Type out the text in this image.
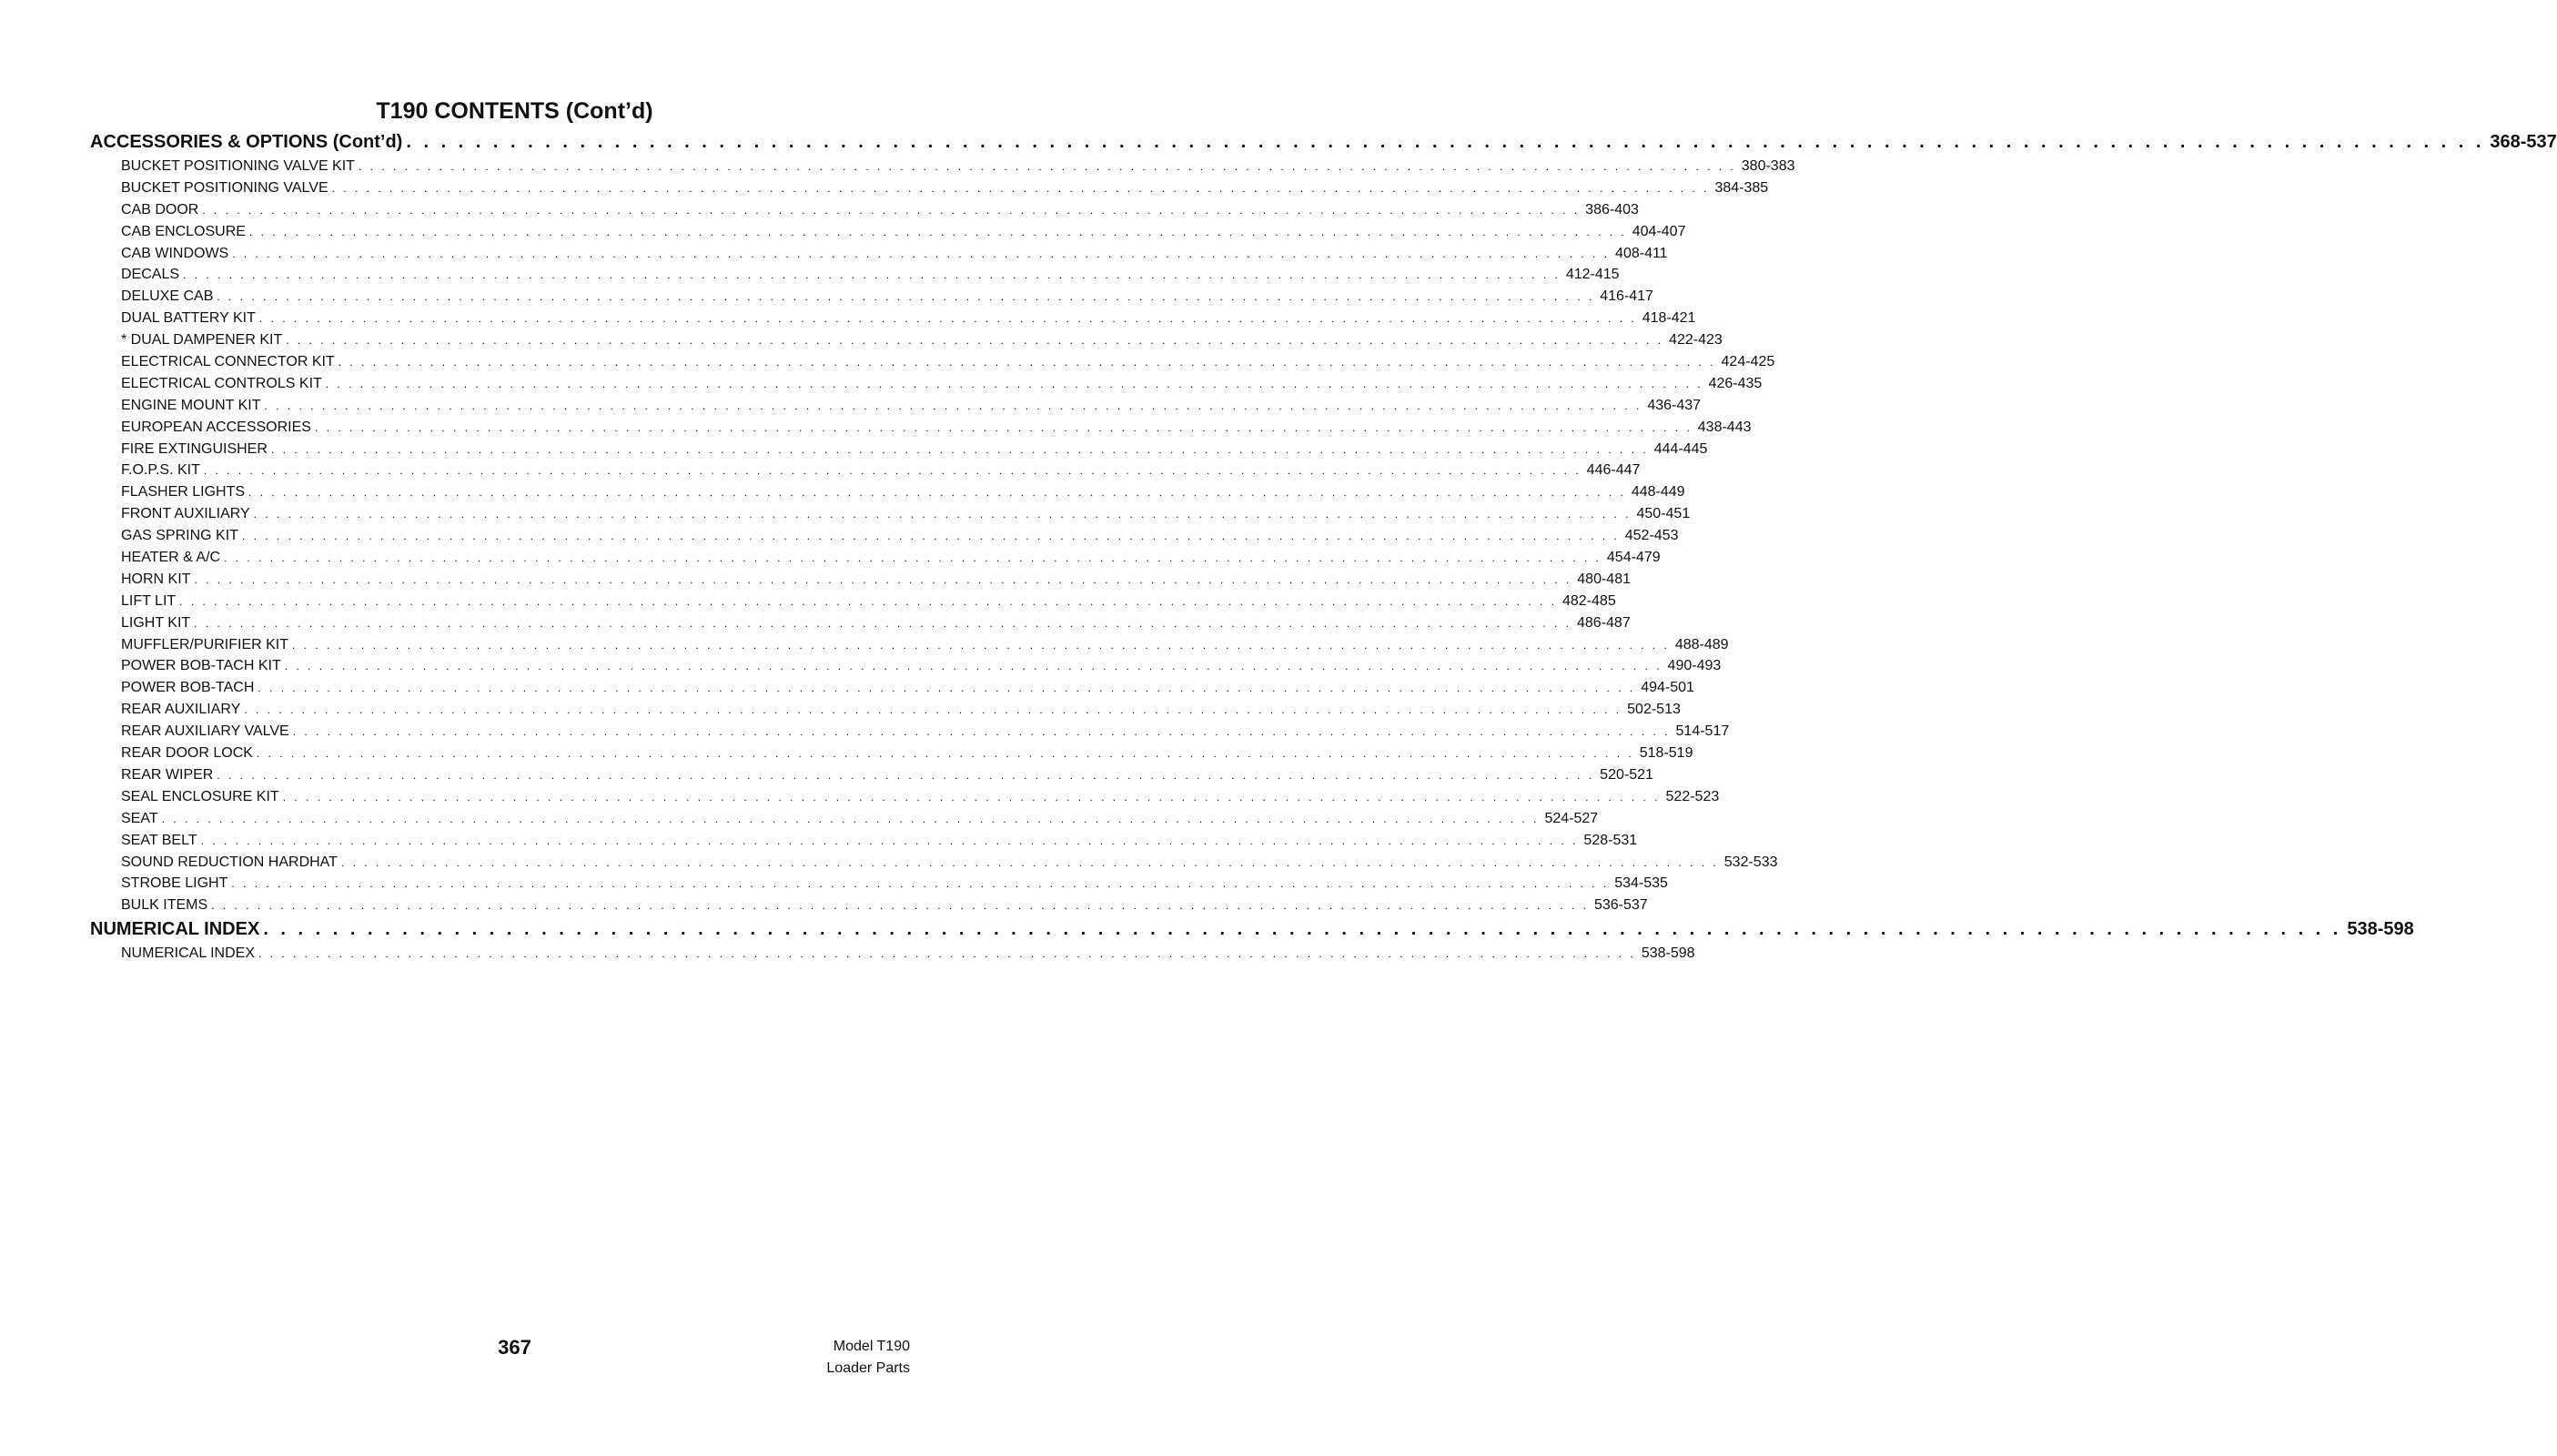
T190 CONTENTS (Cont’d)
ACCESSORIES & OPTIONS (Cont’d) . . . . . . . . . . . . . . . . . . . . . . . . . . . . . . . . . . . . . . . . . . . . . . . . . . . . . . . . . . . . . . . . . . . . . . . . . . . . . . . . . . . . . . . . . . . . . . . . . . . . . . . . . . . . . . . . . . . . . . . . 368-537
BUCKET POSITIONING VALVE KIT . . . . . . . . . . . . . . . . . . . . . . . . . . . . . . . . . . . . . . . . . . . . . . . . . . . . . . . . . . . . . . . . . . . . . . . . . . . . . . . . . . . . . . . . . . . . . . . . . . . . . . . . . . . . . . . . . . . . . . . . 380-383
BUCKET POSITIONING VALVE . . . . . . . . . . . . . . . . . . . . . . . . . . . . . . . . . . . . . . . . . . . . . . . . . . . . . . . . . . . . . . . . . . . . . . . . . . . . . . . . . . . . . . . . . . . . . . . . . . . . . . . . . . . . . . . . . . . . . . . . 384-385
CAB DOOR . . . . . . . . . . . . . . . . . . . . . . . . . . . . . . . . . . . . . . . . . . . . . . . . . . . . . . . . . . . . . . . . . . . . . . . . . . . . . . . . . . . . . . . . . . . . . . . . . . . . . . . . . . . . . . . . . . . . . . . . 386-403
CAB ENCLOSURE . . . . . . . . . . . . . . . . . . . . . . . . . . . . . . . . . . . . . . . . . . . . . . . . . . . . . . . . . . . . . . . . . . . . . . . . . . . . . . . . . . . . . . . . . . . . . . . . . . . . . . . . . . . . . . . . . . . . . . . . 404-407
CAB WINDOWS . . . . . . . . . . . . . . . . . . . . . . . . . . . . . . . . . . . . . . . . . . . . . . . . . . . . . . . . . . . . . . . . . . . . . . . . . . . . . . . . . . . . . . . . . . . . . . . . . . . . . . . . . . . . . . . . . . . . . . . . 408-411
DECALS . . . . . . . . . . . . . . . . . . . . . . . . . . . . . . . . . . . . . . . . . . . . . . . . . . . . . . . . . . . . . . . . . . . . . . . . . . . . . . . . . . . . . . . . . . . . . . . . . . . . . . . . . . . . . . . . . . . . . . . . 412-415
DELUXE CAB . . . . . . . . . . . . . . . . . . . . . . . . . . . . . . . . . . . . . . . . . . . . . . . . . . . . . . . . . . . . . . . . . . . . . . . . . . . . . . . . . . . . . . . . . . . . . . . . . . . . . . . . . . . . . . . . . . . . . . . . 416-417
DUAL BATTERY KIT . . . . . . . . . . . . . . . . . . . . . . . . . . . . . . . . . . . . . . . . . . . . . . . . . . . . . . . . . . . . . . . . . . . . . . . . . . . . . . . . . . . . . . . . . . . . . . . . . . . . . . . . . . . . . . . . . . . . . . . . 418-421
* DUAL DAMPENER KIT . . . . . . . . . . . . . . . . . . . . . . . . . . . . . . . . . . . . . . . . . . . . . . . . . . . . . . . . . . . . . . . . . . . . . . . . . . . . . . . . . . . . . . . . . . . . . . . . . . . . . . . . . . . . . . . . . . . . . . . . 422-423
ELECTRICAL CONNECTOR KIT . . . . . . . . . . . . . . . . . . . . . . . . . . . . . . . . . . . . . . . . . . . . . . . . . . . . . . . . . . . . . . . . . . . . . . . . . . . . . . . . . . . . . . . . . . . . . . . . . . . . . . . . . . . . . . . . . . . . . . . . 424-425
ELECTRICAL CONTROLS KIT . . . . . . . . . . . . . . . . . . . . . . . . . . . . . . . . . . . . . . . . . . . . . . . . . . . . . . . . . . . . . . . . . . . . . . . . . . . . . . . . . . . . . . . . . . . . . . . . . . . . . . . . . . . . . . . . . . . . . . . . 426-435
ENGINE MOUNT KIT . . . . . . . . . . . . . . . . . . . . . . . . . . . . . . . . . . . . . . . . . . . . . . . . . . . . . . . . . . . . . . . . . . . . . . . . . . . . . . . . . . . . . . . . . . . . . . . . . . . . . . . . . . . . . . . . . . . . . . . . 436-437
EUROPEAN ACCESSORIES . . . . . . . . . . . . . . . . . . . . . . . . . . . . . . . . . . . . . . . . . . . . . . . . . . . . . . . . . . . . . . . . . . . . . . . . . . . . . . . . . . . . . . . . . . . . . . . . . . . . . . . . . . . . . . . . . . . . . . . . 438-443
FIRE EXTINGUISHER . . . . . . . . . . . . . . . . . . . . . . . . . . . . . . . . . . . . . . . . . . . . . . . . . . . . . . . . . . . . . . . . . . . . . . . . . . . . . . . . . . . . . . . . . . . . . . . . . . . . . . . . . . . . . . . . . . . . . . . . 444-445
F.O.P.S. KIT . . . . . . . . . . . . . . . . . . . . . . . . . . . . . . . . . . . . . . . . . . . . . . . . . . . . . . . . . . . . . . . . . . . . . . . . . . . . . . . . . . . . . . . . . . . . . . . . . . . . . . . . . . . . . . . . . . . . . . . . 446-447
FLASHER LIGHTS . . . . . . . . . . . . . . . . . . . . . . . . . . . . . . . . . . . . . . . . . . . . . . . . . . . . . . . . . . . . . . . . . . . . . . . . . . . . . . . . . . . . . . . . . . . . . . . . . . . . . . . . . . . . . . . . . . . . . . . . 448-449
FRONT AUXILIARY . . . . . . . . . . . . . . . . . . . . . . . . . . . . . . . . . . . . . . . . . . . . . . . . . . . . . . . . . . . . . . . . . . . . . . . . . . . . . . . . . . . . . . . . . . . . . . . . . . . . . . . . . . . . . . . . . . . . . . . . 450-451
GAS SPRING KIT . . . . . . . . . . . . . . . . . . . . . . . . . . . . . . . . . . . . . . . . . . . . . . . . . . . . . . . . . . . . . . . . . . . . . . . . . . . . . . . . . . . . . . . . . . . . . . . . . . . . . . . . . . . . . . . . . . . . . . . . 452-453
HEATER & A/C . . . . . . . . . . . . . . . . . . . . . . . . . . . . . . . . . . . . . . . . . . . . . . . . . . . . . . . . . . . . . . . . . . . . . . . . . . . . . . . . . . . . . . . . . . . . . . . . . . . . . . . . . . . . . . . . . . . . . . . . 454-479
HORN KIT . . . . . . . . . . . . . . . . . . . . . . . . . . . . . . . . . . . . . . . . . . . . . . . . . . . . . . . . . . . . . . . . . . . . . . . . . . . . . . . . . . . . . . . . . . . . . . . . . . . . . . . . . . . . . . . . . . . . . . . . 480-481
LIFT LIT . . . . . . . . . . . . . . . . . . . . . . . . . . . . . . . . . . . . . . . . . . . . . . . . . . . . . . . . . . . . . . . . . . . . . . . . . . . . . . . . . . . . . . . . . . . . . . . . . . . . . . . . . . . . . . . . . . . . . . . . 482-485
LIGHT KIT . . . . . . . . . . . . . . . . . . . . . . . . . . . . . . . . . . . . . . . . . . . . . . . . . . . . . . . . . . . . . . . . . . . . . . . . . . . . . . . . . . . . . . . . . . . . . . . . . . . . . . . . . . . . . . . . . . . . . . . . 486-487
MUFFLER/PURIFIER KIT . . . . . . . . . . . . . . . . . . . . . . . . . . . . . . . . . . . . . . . . . . . . . . . . . . . . . . . . . . . . . . . . . . . . . . . . . . . . . . . . . . . . . . . . . . . . . . . . . . . . . . . . . . . . . . . . . . . . . . . . 488-489
POWER BOB-TACH KIT . . . . . . . . . . . . . . . . . . . . . . . . . . . . . . . . . . . . . . . . . . . . . . . . . . . . . . . . . . . . . . . . . . . . . . . . . . . . . . . . . . . . . . . . . . . . . . . . . . . . . . . . . . . . . . . . . . . . . . . . 490-493
POWER BOB-TACH . . . . . . . . . . . . . . . . . . . . . . . . . . . . . . . . . . . . . . . . . . . . . . . . . . . . . . . . . . . . . . . . . . . . . . . . . . . . . . . . . . . . . . . . . . . . . . . . . . . . . . . . . . . . . . . . . . . . . . . . 494-501
REAR AUXILIARY . . . . . . . . . . . . . . . . . . . . . . . . . . . . . . . . . . . . . . . . . . . . . . . . . . . . . . . . . . . . . . . . . . . . . . . . . . . . . . . . . . . . . . . . . . . . . . . . . . . . . . . . . . . . . . . . . . . . . . . . 502-513
REAR AUXILIARY VALVE . . . . . . . . . . . . . . . . . . . . . . . . . . . . . . . . . . . . . . . . . . . . . . . . . . . . . . . . . . . . . . . . . . . . . . . . . . . . . . . . . . . . . . . . . . . . . . . . . . . . . . . . . . . . . . . . . . . . . . . . 514-517
REAR DOOR LOCK . . . . . . . . . . . . . . . . . . . . . . . . . . . . . . . . . . . . . . . . . . . . . . . . . . . . . . . . . . . . . . . . . . . . . . . . . . . . . . . . . . . . . . . . . . . . . . . . . . . . . . . . . . . . . . . . . . . . . . . . 518-519
REAR WIPER . . . . . . . . . . . . . . . . . . . . . . . . . . . . . . . . . . . . . . . . . . . . . . . . . . . . . . . . . . . . . . . . . . . . . . . . . . . . . . . . . . . . . . . . . . . . . . . . . . . . . . . . . . . . . . . . . . . . . . . . 520-521
SEAL ENCLOSURE KIT . . . . . . . . . . . . . . . . . . . . . . . . . . . . . . . . . . . . . . . . . . . . . . . . . . . . . . . . . . . . . . . . . . . . . . . . . . . . . . . . . . . . . . . . . . . . . . . . . . . . . . . . . . . . . . . . . . . . . . . . 522-523
SEAT . . . . . . . . . . . . . . . . . . . . . . . . . . . . . . . . . . . . . . . . . . . . . . . . . . . . . . . . . . . . . . . . . . . . . . . . . . . . . . . . . . . . . . . . . . . . . . . . . . . . . . . . . . . . . . . . . . . . . . . . 524-527
SEAT BELT . . . . . . . . . . . . . . . . . . . . . . . . . . . . . . . . . . . . . . . . . . . . . . . . . . . . . . . . . . . . . . . . . . . . . . . . . . . . . . . . . . . . . . . . . . . . . . . . . . . . . . . . . . . . . . . . . . . . . . . . 528-531
SOUND REDUCTION HARDHAT . . . . . . . . . . . . . . . . . . . . . . . . . . . . . . . . . . . . . . . . . . . . . . . . . . . . . . . . . . . . . . . . . . . . . . . . . . . . . . . . . . . . . . . . . . . . . . . . . . . . . . . . . . . . . . . . . . . . . . . . 532-533
STROBE LIGHT . . . . . . . . . . . . . . . . . . . . . . . . . . . . . . . . . . . . . . . . . . . . . . . . . . . . . . . . . . . . . . . . . . . . . . . . . . . . . . . . . . . . . . . . . . . . . . . . . . . . . . . . . . . . . . . . . . . . . . . . 534-535
BULK ITEMS . . . . . . . . . . . . . . . . . . . . . . . . . . . . . . . . . . . . . . . . . . . . . . . . . . . . . . . . . . . . . . . . . . . . . . . . . . . . . . . . . . . . . . . . . . . . . . . . . . . . . . . . . . . . . . . . . . . . . . . . 536-537
NUMERICAL INDEX . . . . . . . . . . . . . . . . . . . . . . . . . . . . . . . . . . . . . . . . . . . . . . . . . . . . . . . . . . . . . . . . . . . . . . . . . . . . . . . . . . . . . . . . . . . . . . . . . . . . . . . . . . . . . . . . . . . . . . . . 538-598
NUMERICAL INDEX . . . . . . . . . . . . . . . . . . . . . . . . . . . . . . . . . . . . . . . . . . . . . . . . . . . . . . . . . . . . . . . . . . . . . . . . . . . . . . . . . . . . . . . . . . . . . . . . . . . . . . . . . . . . . . . . . . . . . . . . 538-598
367	Model T190
Loader Parts
